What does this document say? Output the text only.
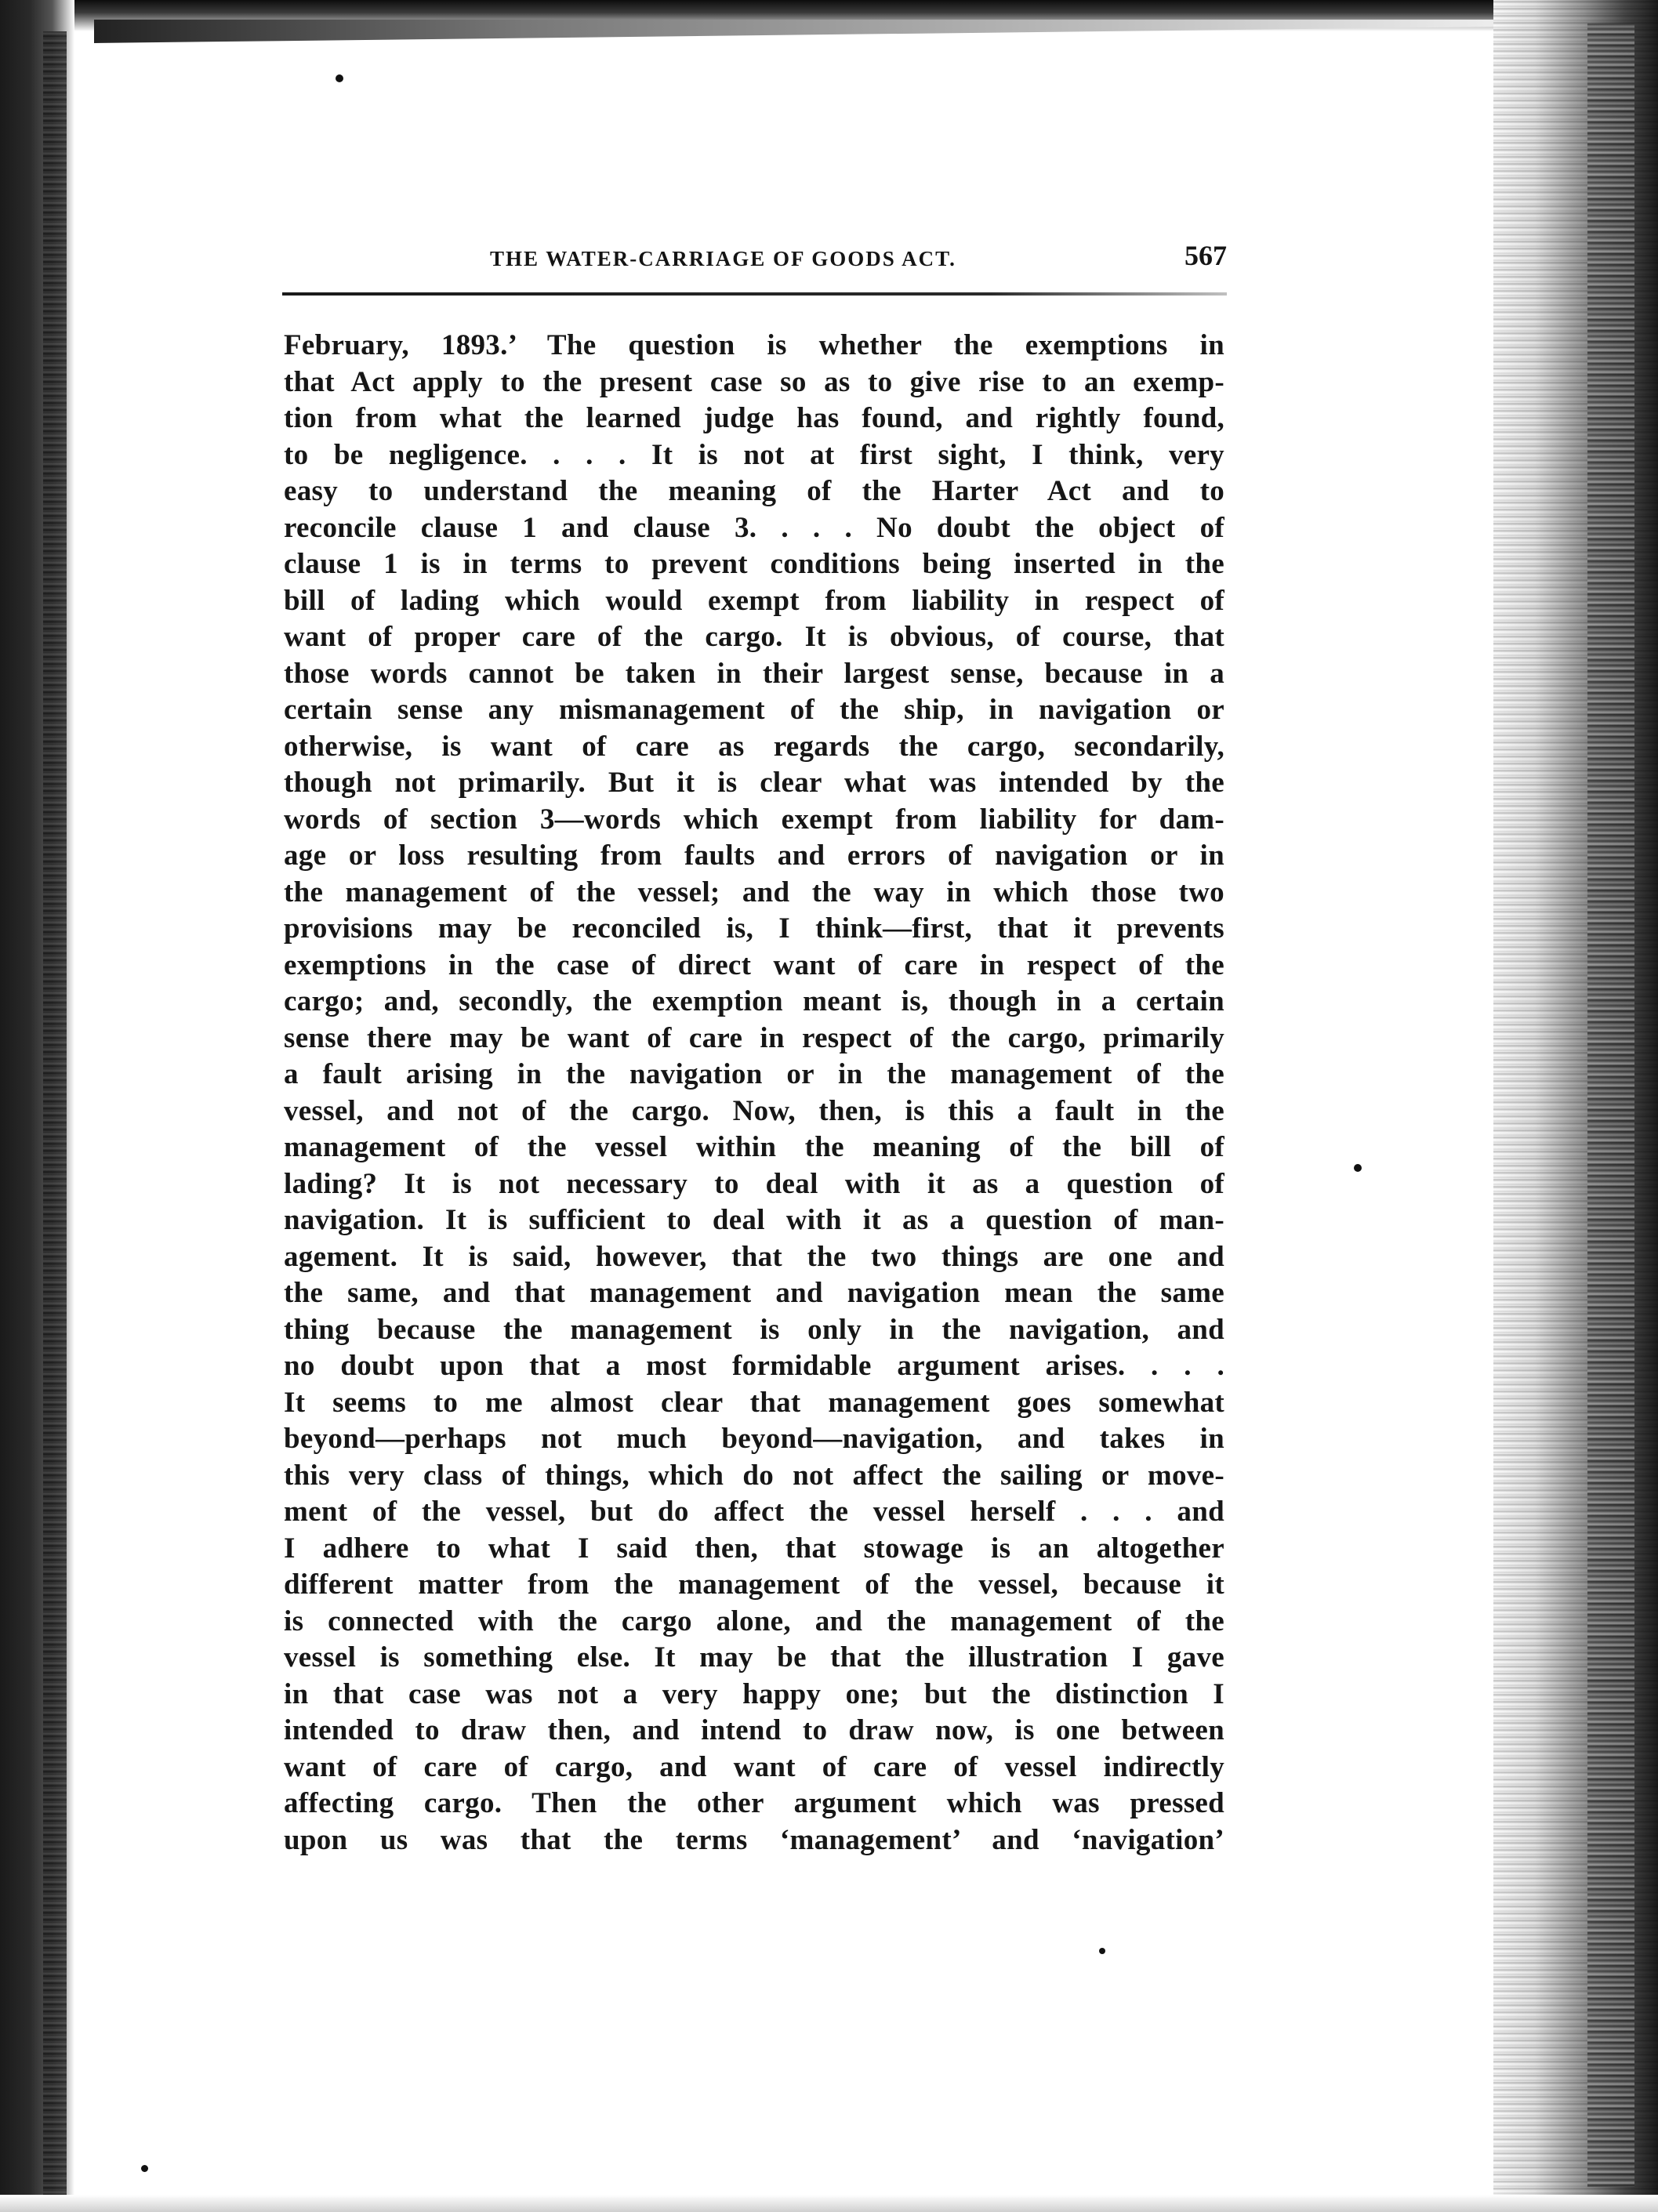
THE WATER-CARRIAGE OF GOODS ACT.	567
February, 1893.’ The question is whether the exemptions in
that Act apply to the present case so as to give rise to an exemp-
tion from what the learned judge has found, and rightly found,
to be negligence. . . . It is not at first sight, I think, very
easy to understand the meaning of the Harter Act and to
reconcile clause 1 and clause 3. . . . No doubt the object of
clause 1 is in terms to prevent conditions being inserted in the
bill of lading which would exempt from liability in respect of
want of proper care of the cargo. It is obvious, of course, that
those words cannot be taken in their largest sense, because in a
certain sense any mismanagement of the ship, in navigation or
otherwise, is want of care as regards the cargo, secondarily,
though not primarily. But it is clear what was intended by the
words of section 3—words which exempt from liability for dam-
age or loss resulting from faults and errors of navigation or in
the management of the vessel; and the way in which those two
provisions may be reconciled is, I think—first, that it prevents
exemptions in the case of direct want of care in respect of the
cargo; and, secondly, the exemption meant is, though in a certain
sense there may be want of care in respect of the cargo, primarily
a fault arising in the navigation or in the management of the
vessel, and not of the cargo. Now, then, is this a fault in the
management of the vessel within the meaning of the bill of
lading? It is not necessary to deal with it as a question of
navigation. It is sufficient to deal with it as a question of man-
agement. It is said, however, that the two things are one and
the same, and that management and navigation mean the same
thing because the management is only in the navigation, and
no doubt upon that a most formidable argument arises. . . .
It seems to me almost clear that management goes somewhat
beyond—perhaps not much beyond—navigation, and takes in
this very class of things, which do not affect the sailing or move-
ment of the vessel, but do affect the vessel herself . . . and
I adhere to what I said then, that stowage is an altogether
different matter from the management of the vessel, because it
is connected with the cargo alone, and the management of the
vessel is something else. It may be that the illustration I gave
in that case was not a very happy one; but the distinction I
intended to draw then, and intend to draw now, is one between
want of care of cargo, and want of care of vessel indirectly
affecting cargo. Then the other argument which was pressed
upon us was that the terms ‘management’ and ‘navigation’
